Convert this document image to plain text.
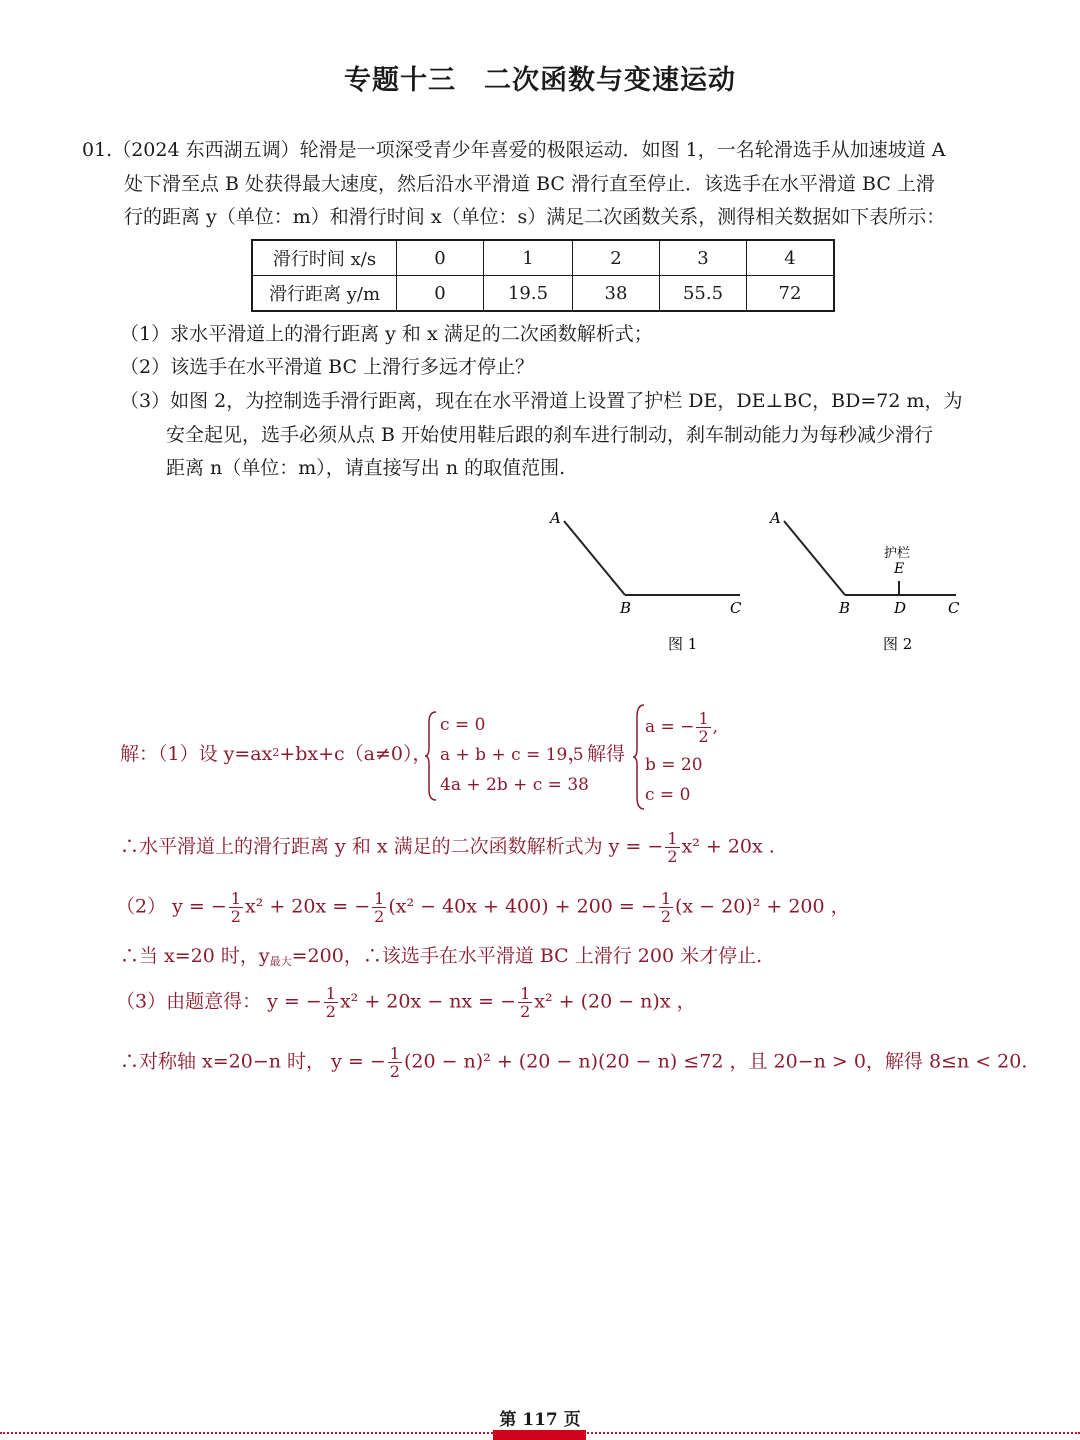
专题十三　二次函数与变速运动
01.（2024 东西湖五调）轮滑是一项深受青少年喜爱的极限运动．如图 1，一名轮滑选手从加速坡道 A
处下滑至点 B 处获得最大速度，然后沿水平滑道 BC 滑行直至停止．该选手在水平滑道 BC 上滑
行的距离 y（单位：m）和滑行时间 x（单位：s）满足二次函数关系，测得相关数据如下表所示：
滑行时间 x/s	0	1	2	3	4
滑行距离 y/m	0	19.5	38	55.5	72
（1）求水平滑道上的滑行距离 y 和 x 满足的二次函数解析式；
（2）该选手在水平滑道 BC 上滑行多远才停止？
（3）如图 2，为控制选手滑行距离，现在在水平滑道上设置了护栏 DE，DE⊥BC，BD=72 m，为
安全起见，选手必须从点 B 开始使用鞋后跟的刹车进行制动，刹车制动能力为每秒减少滑行
距离 n（单位：m），请直接写出 n 的取值范围.
A
B	C
图 1
A
护栏
E
B	D	C
图 2
解：（1）设 $y=ax^2+bx+c(a\ne 0)$，
c = 0
a + b + c = 19.5
4a + 2b + c = 38
，解得
a = − $\frac{1}{2}$ ,
b = 20
c = 0
∴水平滑道上的滑行距离 y 和 x 满足的二次函数解析式为 y = − $\frac{1}{2} x^2 + 20x$ .
（2） y = − $\frac{1}{2} x^2 + 20x$ = − $\frac{1}{2} (x^2 - 40x + 400) + 200$ = − $\frac{1}{2} (x - 20)^2 + 200$ ，
∴当 x=20 时，$y_{最大}=200$，∴该选手在水平滑道 BC 上滑行 200 米才停止.
（3）由题意得： y = − $\frac{1}{2} x^2 + 20x$ − nx = − $\frac{1}{2} x^2 + (20 - n)x$ ，
∴对称轴 x=20−n 时， y = − $\frac{1}{2} (20 - n)^2 + (20 - n)(20 - n) \le 72$ ，且 20−n > 0，解得 8≤n < 20.
第 117 页
